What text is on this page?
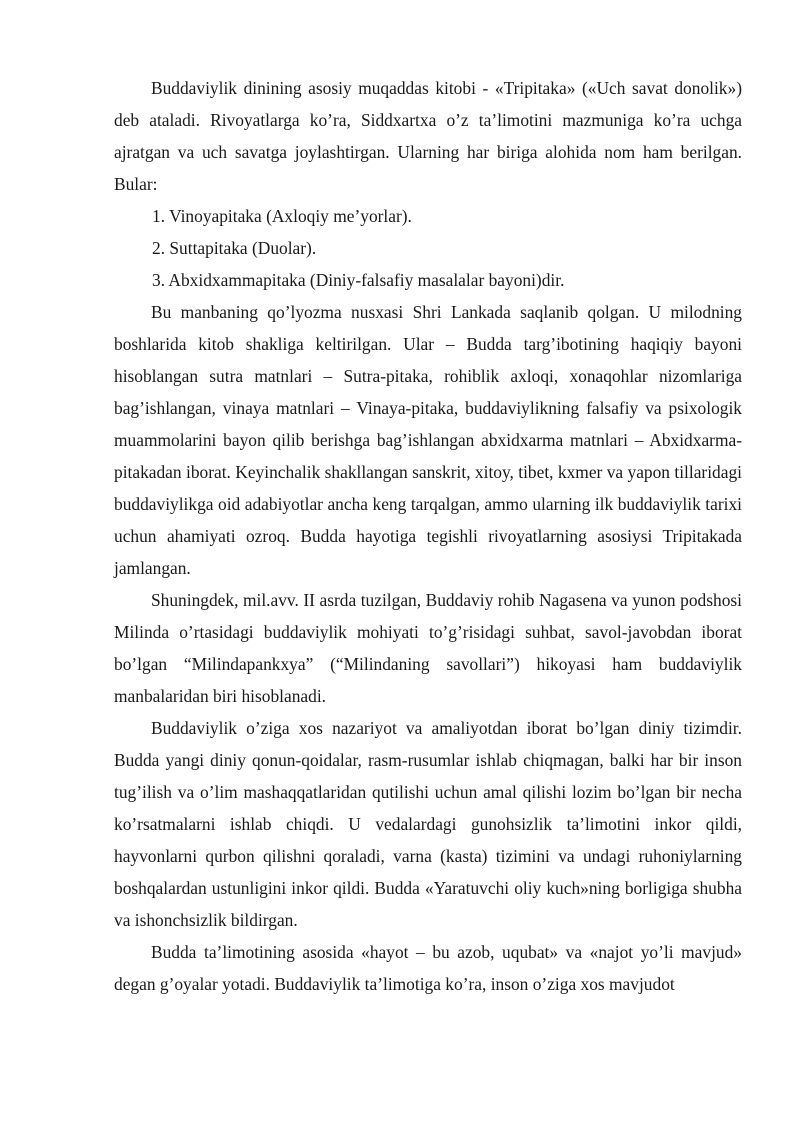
Buddaviylik dinining asosiy muqaddas kitobi - «Tripitaka» («Uch savat donolik») deb ataladi. Rivoyatlarga ko’ra, Siddxartxa o’z ta’limotini mazmuniga ko’ra uchga ajratgan va uch savatga joylashtirgan. Ularning har biriga alohida nom ham berilgan. Bular:

1. Vinoyapitaka (Axloqiy me’yorlar).

2. Suttapitaka (Duolar).

3. Abxidxammapitaka (Diniy-falsafiy masalalar bayoni)dir.

Bu manbaning qo’lyozma nusxasi Shri Lankada saqlanib qolgan. U milodning boshlarida kitob shakliga keltirilgan. Ular – Budda targ’ibotining haqiqiy bayoni hisoblangan sutra matnlari – Sutra-pitaka, rohiblik axloqi, xonaqohlar nizomlariga bag’ishlangan, vinaya matnlari – Vinaya-pitaka, buddaviylikning falsafiy va psixologik muammolarini bayon qilib berishga bag’ishlangan abxidxarma matnlari – Abxidxarma-pitakadan iborat. Keyinchalik shakllangan sanskrit, xitoy, tibet, kxmer va yapon tillaridagi buddaviylikga oid adabiyotlar ancha keng tarqalgan, ammo ularning ilk buddaviylik tarixi uchun ahamiyati ozroq. Budda hayotiga tegishli rivoyatlarning asosiysi Tripitakada jamlangan.

Shuningdek, mil.avv. II asrda tuzilgan, Buddaviy rohib Nagasena va yunon podshosi Milinda o’rtasidagi buddaviylik mohiyati to’g’risidagi suhbat, savol-javobdan iborat bo’lgan “Milindapankxya” (“Milindaning savollari”) hikoyasi ham buddaviylik manbalaridan biri hisoblanadi.

Buddaviylik o’ziga xos nazariyot va amaliyotdan iborat bo’lgan diniy tizimdir. Budda yangi diniy qonun-qoidalar, rasm-rusumlar ishlab chiqmagan, balki har bir inson tug’ilish va o’lim mashaqqatlaridan qutilishi uchun amal qilishi lozim bo’lgan bir necha ko’rsatmalarni ishlab chiqdi. U vedalardagi gunohsizlik ta’limotini inkor qildi, hayvonlarni qurbon qilishni qoraladi, varna (kasta) tizimini va undagi ruhoniylarning boshqalardan ustunligini inkor qildi. Budda «Yaratuvchi oliy kuch»ning borligiga shubha va ishonchsizlik bildirgan.

Budda ta’limotining asosida «hayot – bu azob, uqubat» va «najot yo’li mavjud» degan g’oyalar yotadi. Buddaviylik ta’limotiga ko’ra, inson o’ziga xos mavjudot
